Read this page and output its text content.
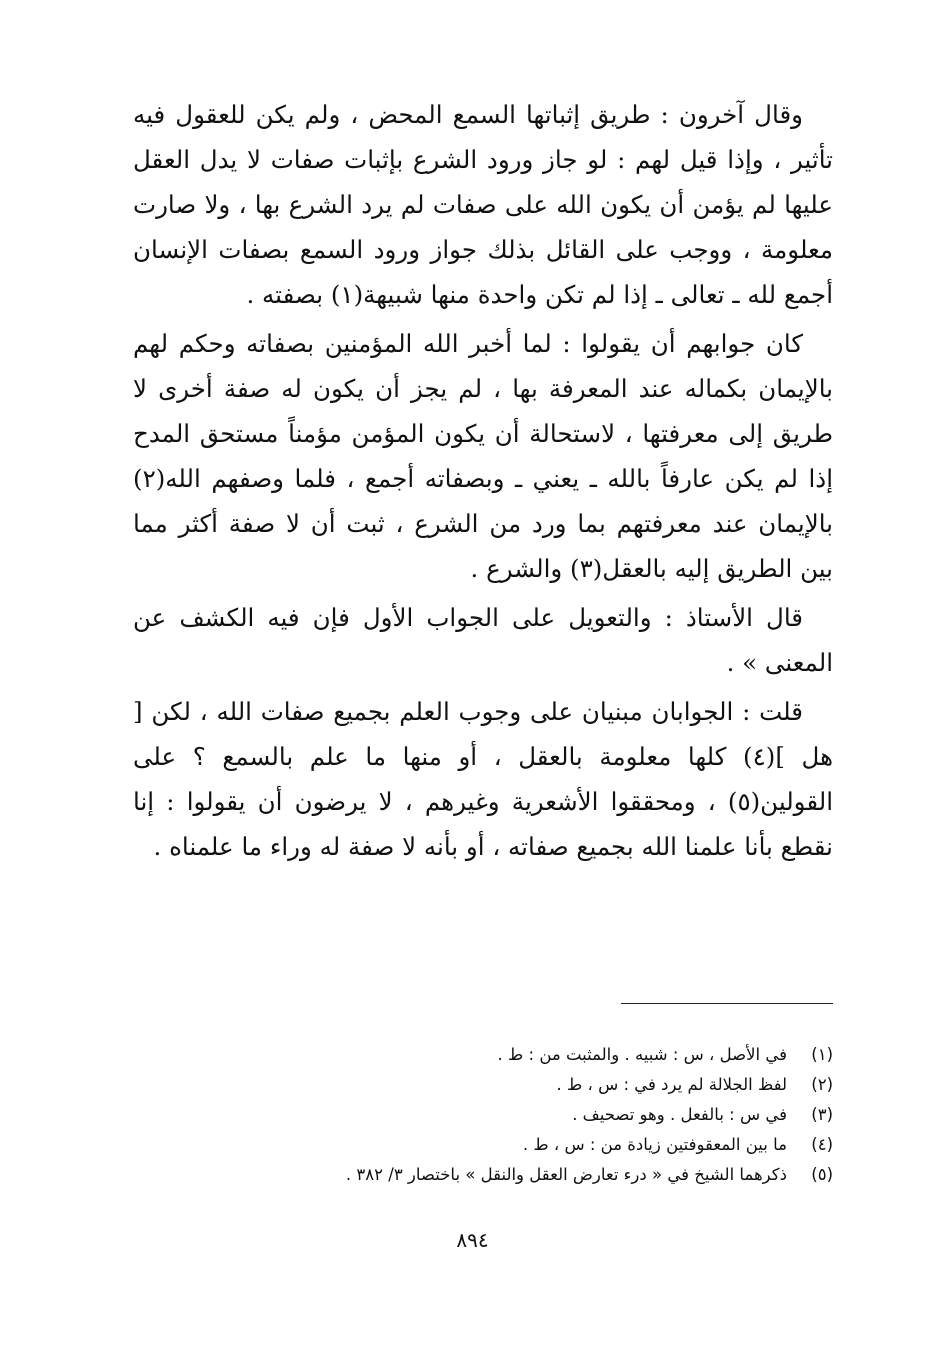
وقال آخرون : طريق إثباتها السمع المحض ، ولم يكن للعقول فيه تأثير ، وإذا قيل لهم : لو جاز ورود الشرع بإثبات صفات لا يدل العقل عليها لم يؤمن أن يكون الله على صفات لم يرد الشرع بها ، ولا صارت معلومة ، ووجب على القائل بذلك جواز ورود السمع بصفات الإنسان أجمع لله ـ تعالى ـ إذا لم تكن واحدة منها شبيهة(١) بصفته .

كان جوابهم أن يقولوا : لما أخبر الله المؤمنين بصفاته وحكم لهم بالإيمان بكماله عند المعرفة بها ، لم يجز أن يكون له صفة أخرى لا طريق إلى معرفتها ، لاستحالة أن يكون المؤمن مؤمناً مستحق المدح إذا لم يكن عارفاً بالله ـ يعني ـ وبصفاته أجمع ، فلما وصفهم الله(٢) بالإيمان عند معرفتهم بما ورد من الشرع ، ثبت أن لا صفة أكثر مما بين الطريق إليه بالعقل(٣) والشرع .

قال الأستاذ : والتعويل على الجواب الأول فإن فيه الكشف عن المعنى » .

قلت : الجوابان مبنيان على وجوب العلم بجميع صفات الله ، لكن [ هل ](٤) كلها معلومة بالعقل ، أو منها ما علم بالسمع ؟ على القولين(٥) ، ومحققوا الأشعرية وغيرهم ، لا يرضون أن يقولوا : إنا نقطع بأنا علمنا الله بجميع صفاته ، أو بأنه لا صفة له وراء ما علمناه .

(١)
في الأصل ، س : شبيه . والمثبت من : ط .
(٢)
لفظ الجلالة لم يرد في : س ، ط .
(٣)
في س : بالفعل . وهو تصحيف .
(٤)
ما بين المعقوفتين زيادة من : س ، ط .
(٥)
ذكرهما الشيخ في « درء تعارض العقل والنقل » باختصار ٣/ ٣٨٢ .
٨٩٤
